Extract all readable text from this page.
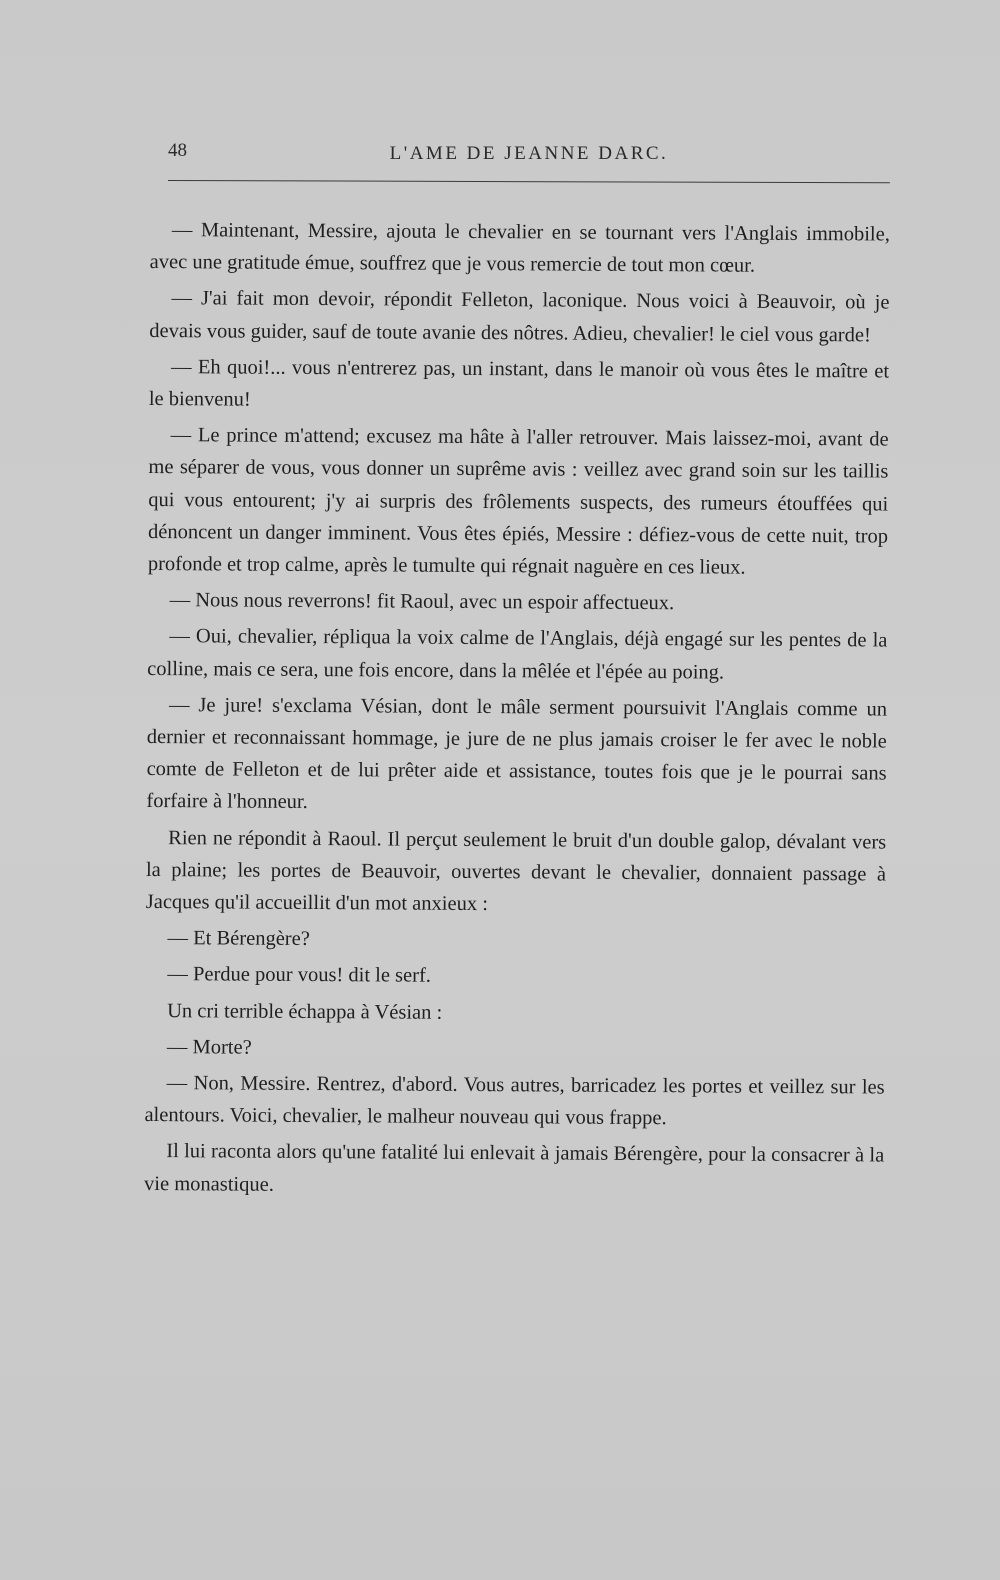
48	L'AME DE JEANNE DARC.

— Maintenant, Messire, ajouta le chevalier en se tournant vers l'Anglais immobile, avec une gratitude émue, souffrez que je vous remercie de tout mon cœur.

— J'ai fait mon devoir, répondit Felleton, laconique. Nous voici à Beauvoir, où je devais vous guider, sauf de toute avanie des nôtres. Adieu, chevalier! le ciel vous garde!

— Eh quoi!... vous n'entrerez pas, un instant, dans le manoir où vous êtes le maître et le bienvenu!

— Le prince m'attend; excusez ma hâte à l'aller retrouver. Mais laissez-moi, avant de me séparer de vous, vous donner un suprême avis : veillez avec grand soin sur les taillis qui vous entourent; j'y ai surpris des frôlements suspects, des rumeurs étouffées qui dénoncent un danger imminent. Vous êtes épiés, Messire : défiez-vous de cette nuit, trop profonde et trop calme, après le tumulte qui régnait naguère en ces lieux.

— Nous nous reverrons! fit Raoul, avec un espoir affectueux.

— Oui, chevalier, répliqua la voix calme de l'Anglais, déjà engagé sur les pentes de la colline, mais ce sera, une fois encore, dans la mêlée et l'épée au poing.

— Je jure! s'exclama Vésian, dont le mâle serment poursuivit l'Anglais comme un dernier et reconnaissant hommage, je jure de ne plus jamais croiser le fer avec le noble comte de Felleton et de lui prêter aide et assistance, toutes fois que je le pourrai sans forfaire à l'honneur.

Rien ne répondit à Raoul. Il perçut seulement le bruit d'un double galop, dévalant vers la plaine; les portes de Beauvoir, ouvertes devant le chevalier, donnaient passage à Jacques qu'il accueillit d'un mot anxieux :

— Et Bérengère?

— Perdue pour vous! dit le serf.

Un cri terrible échappa à Vésian :

— Morte?

— Non, Messire. Rentrez, d'abord. Vous autres, barricadez les portes et veillez sur les alentours. Voici, chevalier, le malheur nouveau qui vous frappe.

Il lui raconta alors qu'une fatalité lui enlevait à jamais Bérengère, pour la consacrer à la vie monastique.
